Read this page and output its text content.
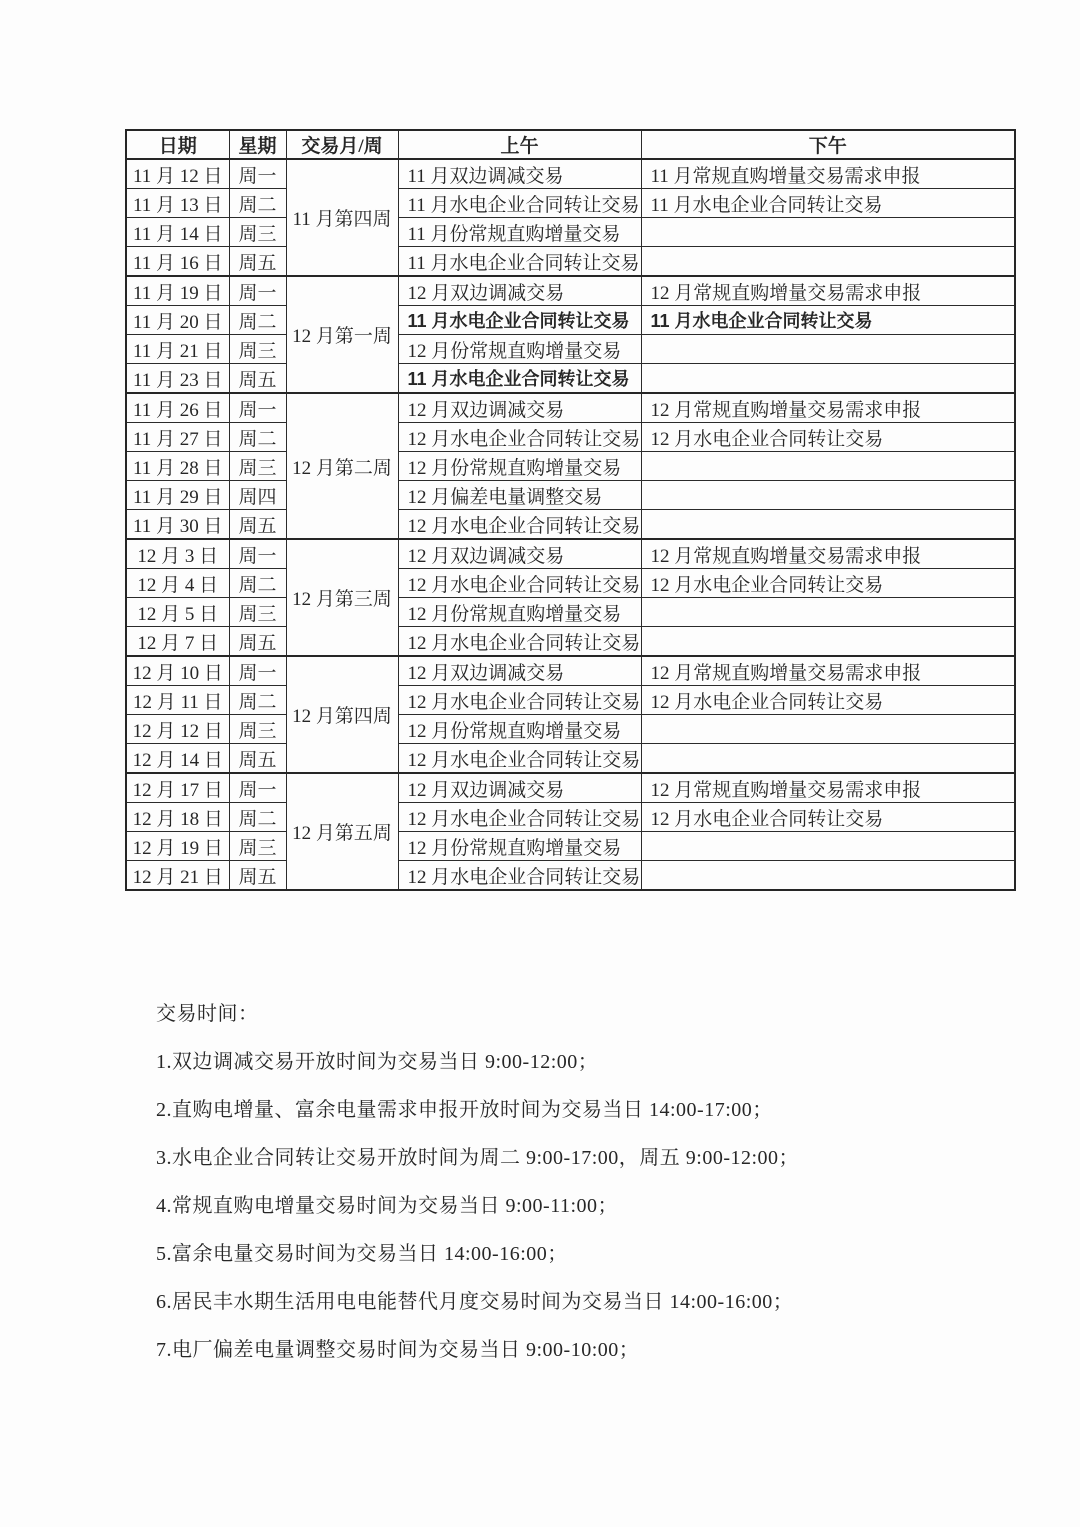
日期	星期	交易月/周	上午	下午
11 月 12 日	周一	11 月第四周	11 月双边调减交易	11 月常规直购增量交易需求申报
11 月 13 日	周二		11 月水电企业合同转让交易	11 月水电企业合同转让交易
11 月 14 日	周三		11 月份常规直购增量交易	
11 月 16 日	周五		11 月水电企业合同转让交易	
11 月 19 日	周一	12 月第一周	12 月双边调减交易	12 月常规直购增量交易需求申报
11 月 20 日	周二		11 月水电企业合同转让交易	11 月水电企业合同转让交易
11 月 21 日	周三		12 月份常规直购增量交易	
11 月 23 日	周五		11 月水电企业合同转让交易	
11 月 26 日	周一	12 月第二周	12 月双边调减交易	12 月常规直购增量交易需求申报
11 月 27 日	周二		12 月水电企业合同转让交易	12 月水电企业合同转让交易
11 月 28 日	周三		12 月份常规直购增量交易	
11 月 29 日	周四		12 月偏差电量调整交易	
11 月 30 日	周五		12 月水电企业合同转让交易	
12 月 3 日	周一	12 月第三周	12 月双边调减交易	12 月常规直购增量交易需求申报
12 月 4 日	周二		12 月水电企业合同转让交易	12 月水电企业合同转让交易
12 月 5 日	周三		12 月份常规直购增量交易	
12 月 7 日	周五		12 月水电企业合同转让交易	
12 月 10 日	周一	12 月第四周	12 月双边调减交易	12 月常规直购增量交易需求申报
12 月 11 日	周二		12 月水电企业合同转让交易	12 月水电企业合同转让交易
12 月 12 日	周三		12 月份常规直购增量交易	
12 月 14 日	周五		12 月水电企业合同转让交易	
12 月 17 日	周一	12 月第五周	12 月双边调减交易	12 月常规直购增量交易需求申报
12 月 18 日	周二		12 月水电企业合同转让交易	12 月水电企业合同转让交易
12 月 19 日	周三		12 月份常规直购增量交易	
12 月 21 日	周五		12 月水电企业合同转让交易	
交易时间：
1.双边调减交易开放时间为交易当日 9:00-12:00；
2.直购电增量、富余电量需求申报开放时间为交易当日 14:00-17:00；
3.水电企业合同转让交易开放时间为周二 9:00-17:00，周五 9:00-12:00；
4.常规直购电增量交易时间为交易当日 9:00-11:00；
5.富余电量交易时间为交易当日 14:00-16:00；
6.居民丰水期生活用电电能替代月度交易时间为交易当日 14:00-16:00；
7.电厂偏差电量调整交易时间为交易当日 9:00-10:00；
